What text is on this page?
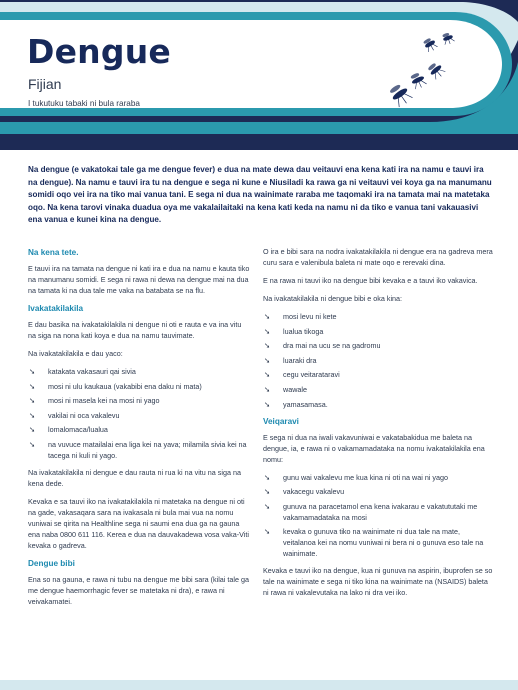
Dengue
Fijian
I tukutuku tabaki ni bula raraba

Na dengue (e vakatokai tale ga me dengue fever) e dua na mate dewa dau veitauvi ena kena kati ira na namu e tauvi ira na dengue). Na namu e tauvi ira tu na dengue e sega ni kune e Niusiladi ka rawa ga ni veitauvi vei koya ga na manumanu somidi oqo vei ira na tiko mai vanua tani. E sega ni dua na wainimate raraba me taqomaki ira na tamata mai na matetaka oqo. Na kena tarovi vinaka duadua oya me vakalailaitaki na kena kati keda na namu ni da tiko e vanua tani vakauasivi ena vanua e kunei kina na dengue.

Na kena tete.

E tauvi ira na tamata na dengue ni kati ira e dua na namu e kauta tiko na manumanu somidi. E sega ni rawa ni dewa na dengue mai na dua na tamata ki na dua tale me vaka na batabata se na flu.

Ivakatakilakila

E dau basika na ivakatakilakila ni dengue ni oti e rauta e va ina vitu na siga na nona kati koya e dua na namu tauvimate.

Na ivakatakilakila e dau yaco:

➘ katakata vakasauri qai sivia
➘ mosi ni ulu kaukaua (vakabibi ena daku ni mata)
➘ mosi ni masela kei na mosi ni yago
➘ vakilai ni oca vakalevu
➘ lomalomaca/lualua
➘ na vuvuce matailalai ena liga kei na yava; milamila sivia kei na tacega ni kuli ni yago.

Na ivakatakilakila ni dengue e dau rauta ni rua ki na vitu na siga na kena dede.

Kevaka e sa tauvi iko na ivakatakilakila ni matetaka na dengue ni oti na gade, vakasaqara sara na ivakasala ni bula mai vua na nomu vuniwai se qirita na Healthline sega ni saumi ena dua ga na gauna ena naba 0800 611 116. Kerea e dua na dauvakadewa vosa vaka-Viti kevaka o gadreva.

Dengue bibi

Ena so na gauna, e rawa ni tubu na dengue me bibi sara (kilai tale ga me dengue haemorrhagic fever se matetaka ni dra), e rawa ni veivakamatei.

O ira e bibi sara na nodra ivakatakilakila ni dengue era na gadreva mera curu sara e valenibula baleta ni mate oqo e rerevaki dina.

E na rawa ni tauvi iko na dengue bibi kevaka e a tauvi iko vakavica.

Na ivakatakilakila ni dengue bibi e oka kina:

➘ mosi levu ni kete
➘ lualua tikoga
➘ dra mai na ucu se na gadromu
➘ luaraki dra
➘ cegu veitarataravi
➘ wawale
➘ yamasamasa.
Veiqaravi

E sega ni dua na iwali vakavuniwai e vakatabakidua me baleta na dengue, ia, e rawa ni o vakamamadataka na nomu ivakatakilakila ena nomu:

➘ gunu wai vakalevu me kua kina ni oti na wai ni yago
➘ vakacegu vakalevu
➘ gunuva na paracetamol ena kena ivakarau e vakatututaki me vakamamadataka na mosi
➘ kevaka o gunuva tiko na wainimate ni dua tale na mate, veitalanoa kei na nomu vuniwai ni bera ni o gunuva eso tale na wainimate.

Kevaka e tauvi iko na dengue, kua ni gunuva na aspirin, ibuprofen se so tale na wainimate e sega ni tiko kina na wainimate na (NSAIDS) baleta ni rawa ni vakalevutaka na lako ni dra vei iko.
